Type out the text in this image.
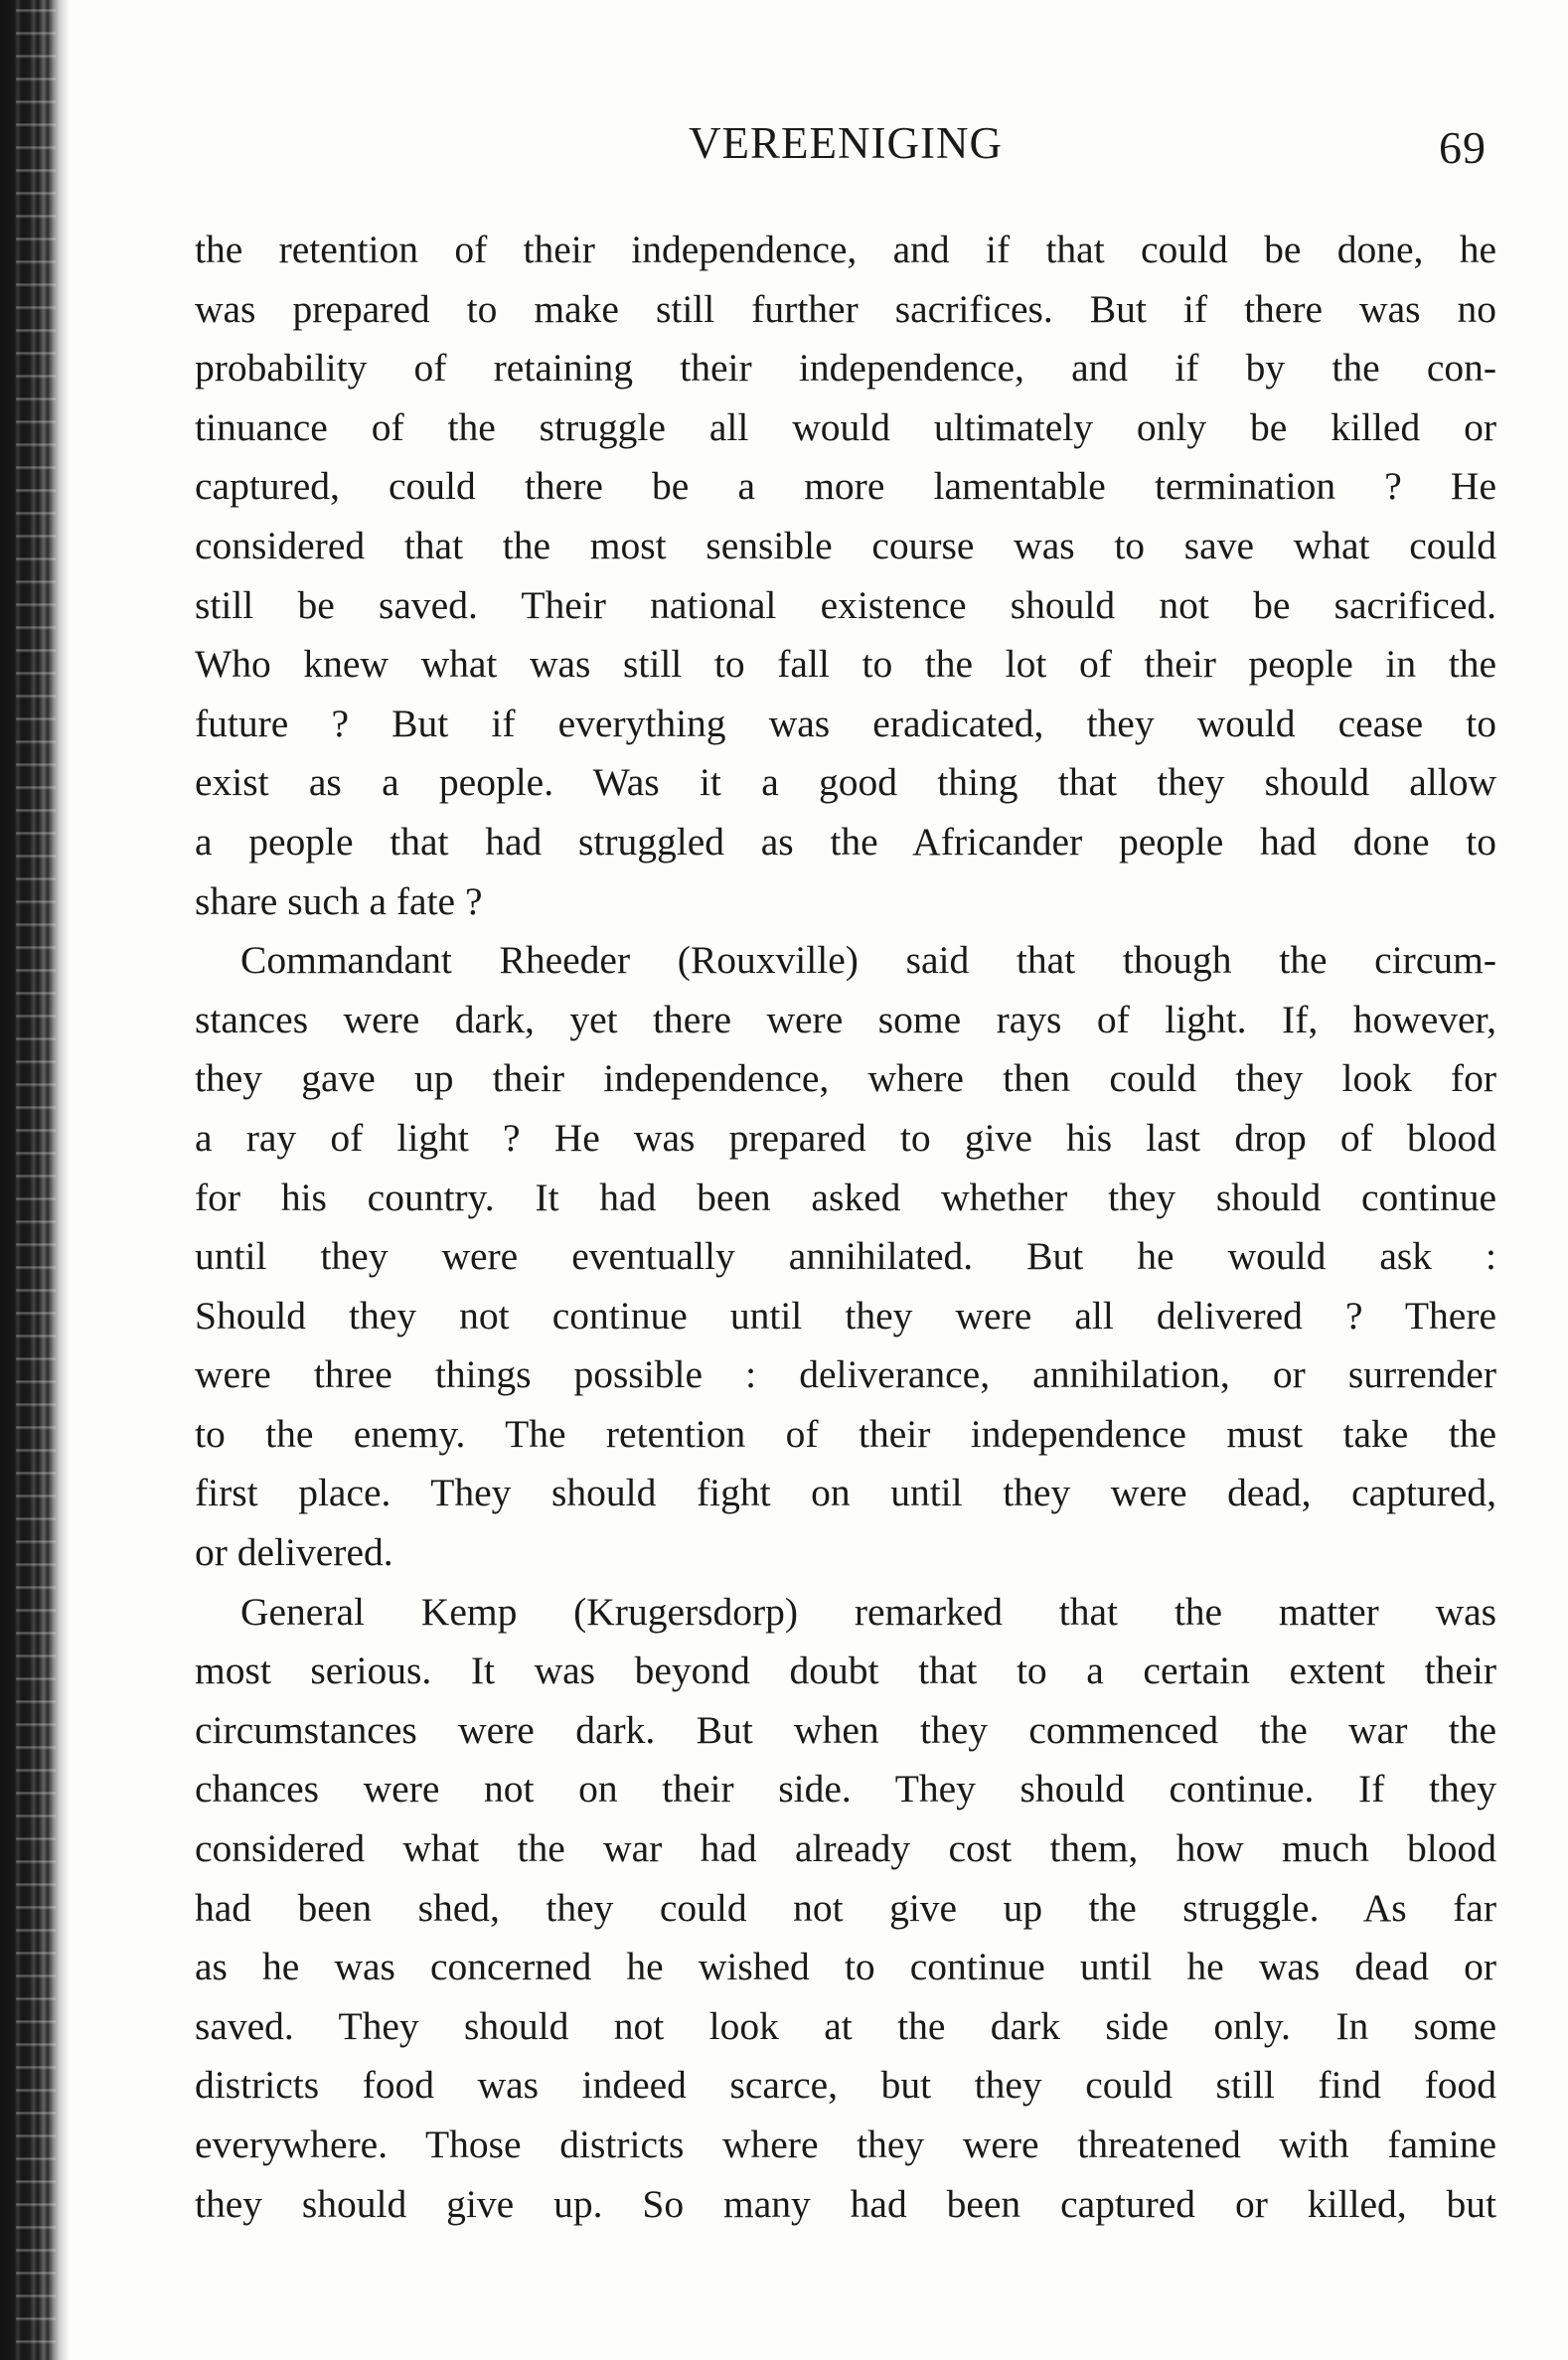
VEREENIGING	69
the retention of their independence, and if that could be done, he
was prepared to make still further sacrifices. But if there was no
probability of retaining their independence, and if by the con-
tinuance of the struggle all would ultimately only be killed or
captured, could there be a more lamentable termination ? He
considered that the most sensible course was to save what could
still be saved. Their national existence should not be sacrificed.
Who knew what was still to fall to the lot of their people in the
future ? But if everything was eradicated, they would cease to
exist as a people. Was it a good thing that they should allow
a people that had struggled as the Africander people had done to
share such a fate ?
Commandant Rheeder (Rouxville) said that though the circum-
stances were dark, yet there were some rays of light. If, however,
they gave up their independence, where then could they look for
a ray of light ? He was prepared to give his last drop of blood
for his country. It had been asked whether they should continue
until they were eventually annihilated. But he would ask :
Should they not continue until they were all delivered ? There
were three things possible : deliverance, annihilation, or surrender
to the enemy. The retention of their independence must take the
first place. They should fight on until they were dead, captured,
or delivered.
General Kemp (Krugersdorp) remarked that the matter was
most serious. It was beyond doubt that to a certain extent their
circumstances were dark. But when they commenced the war the
chances were not on their side. They should continue. If they
considered what the war had already cost them, how much blood
had been shed, they could not give up the struggle. As far
as he was concerned he wished to continue until he was dead or
saved. They should not look at the dark side only. In some
districts food was indeed scarce, but they could still find food
everywhere. Those districts where they were threatened with famine
they should give up. So many had been captured or killed, but
